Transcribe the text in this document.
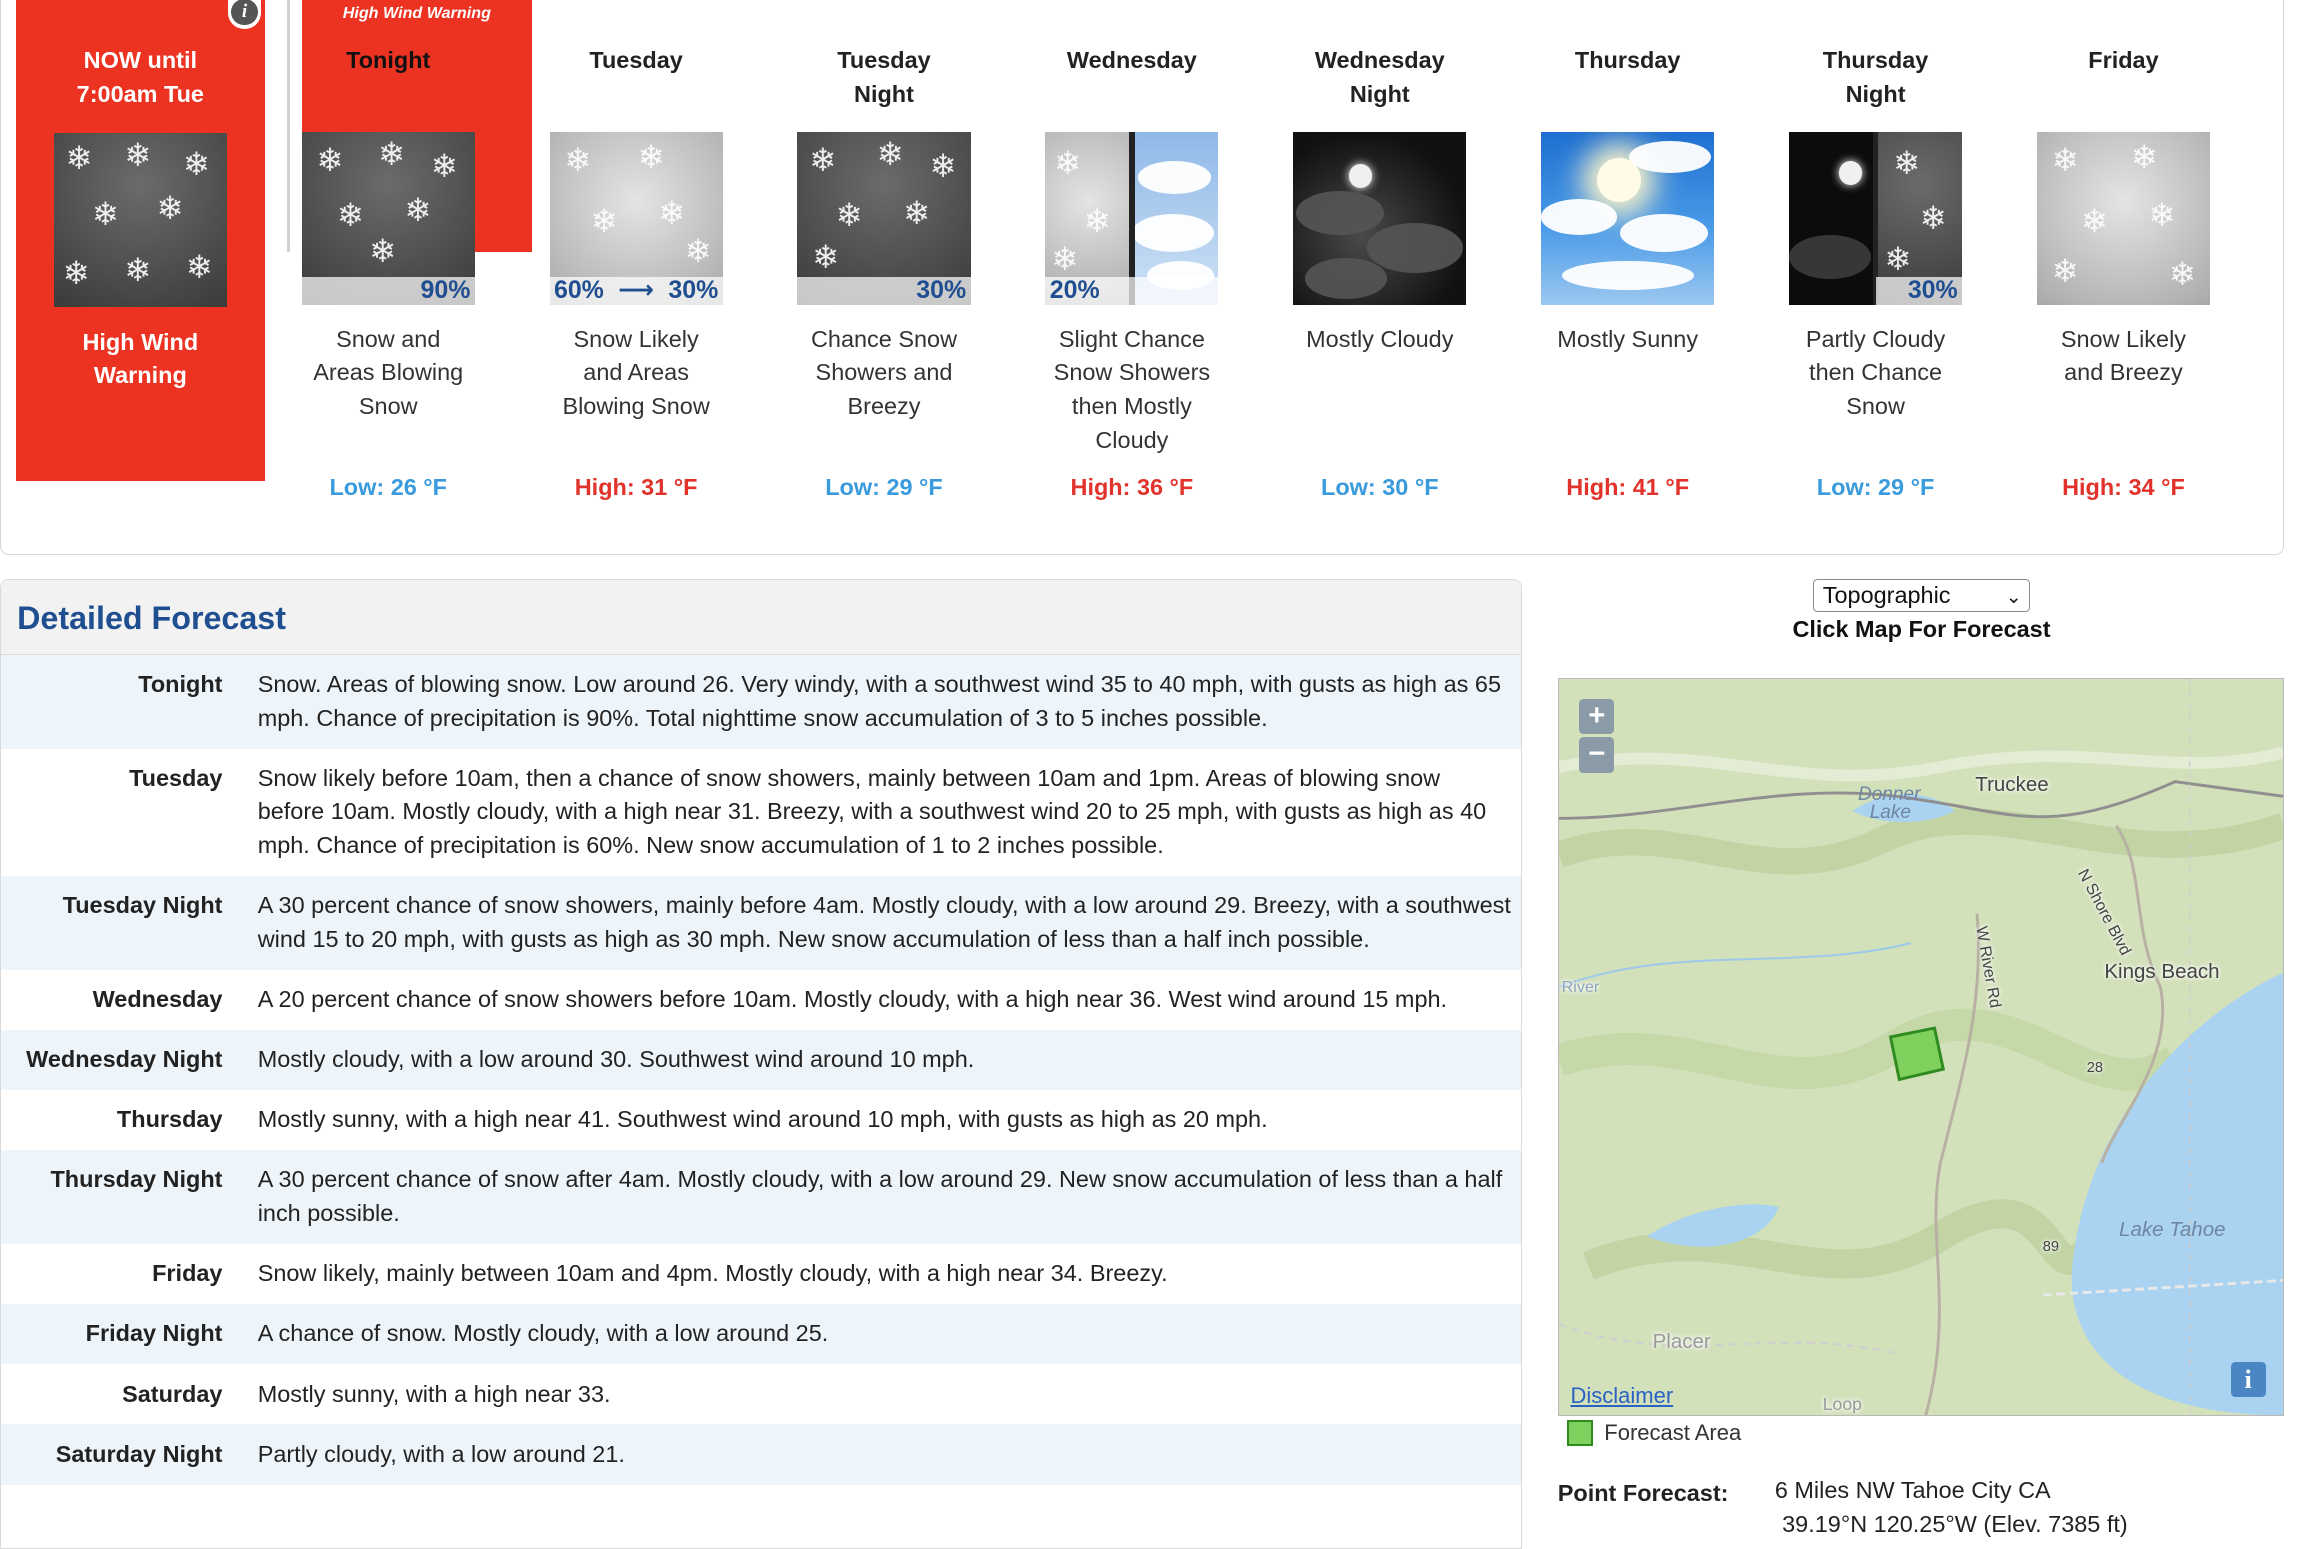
NOW until
7:00am Tue
❄ ❄ ❄
❄ ❄
❄ ❄ ❄
High Wind
Warning
i	High Wind Warning
Tonight
❄ ❄ ❄
❄ ❄
❄
90%
Snow and
Areas Blowing
Snow
Low: 26 °F
Tuesday
❄ ❄
❄ ❄
❄
60% ⟶ 30%
Snow Likely
and Areas
Blowing Snow
High: 31 °F
Tuesday
Night
❄ ❄ ❄
❄ ❄
❄
30%
Chance Snow
Showers and
Breezy
Low: 29 °F
Wednesday
❄
❄
❄
20%
Slight Chance
Snow Showers
then Mostly
Cloudy
High: 36 °F
Wednesday
Night
Mostly Cloudy
Low: 30 °F
Thursday
Mostly Sunny
High: 41 °F
Thursday
Night
❄
❄
❄
30%
Partly Cloudy
then Chance
Snow
Low: 29 °F
Friday
❄ ❄
❄ ❄
❄	❄
Snow Likely
and Breezy
High: 34 °F
Detailed Forecast
Tonight	Snow. Areas of blowing snow. Low around 26. Very windy, with a southwest wind 35 to 40 mph, with gusts as high as 65 mph. Chance of precipitation is 90%. Total nighttime snow accumulation of 3 to 5 inches possible.
Tuesday	Snow likely before 10am, then a chance of snow showers, mainly between 10am and 1pm. Areas of blowing snow before 10am. Mostly cloudy, with a high near 31. Breezy, with a southwest wind 20 to 25 mph, with gusts as high as 40 mph. Chance of precipitation is 60%. New snow accumulation of 1 to 2 inches possible.
Tuesday Night	A 30 percent chance of snow showers, mainly before 4am. Mostly cloudy, with a low around 29. Breezy, with a southwest wind 15 to 20 mph, with gusts as high as 30 mph. New snow accumulation of less than a half inch possible.
Wednesday	A 20 percent chance of snow showers before 10am. Mostly cloudy, with a high near 36. West wind around 15 mph.
Wednesday Night	Mostly cloudy, with a low around 30. Southwest wind around 10 mph.
Thursday	Mostly sunny, with a high near 41. Southwest wind around 10 mph, with gusts as high as 20 mph.
Thursday Night	A 30 percent chance of snow after 4am. Mostly cloudy, with a low around 29. New snow accumulation of less than a half inch possible.
Friday	Snow likely, mainly between 10am and 4pm. Mostly cloudy, with a high near 34. Breezy.
Friday Night	A chance of snow. Mostly cloudy, with a low around 25.
Saturday	Mostly sunny, with a high near 33.
Saturday Night	Partly cloudy, with a low around 21.
Topographic	⌄
Click Map For Forecast
+
−
Truckee
Donner
Lake
N Shore Blvd
Kings Beach
W River Rd
River
Lake Tahoe
Placer
Loop
28
89
Disclaimer
i
Forecast Area
Point Forecast:	6 Miles NW Tahoe City CA
39.19°N 120.25°W (Elev. 7385 ft)
